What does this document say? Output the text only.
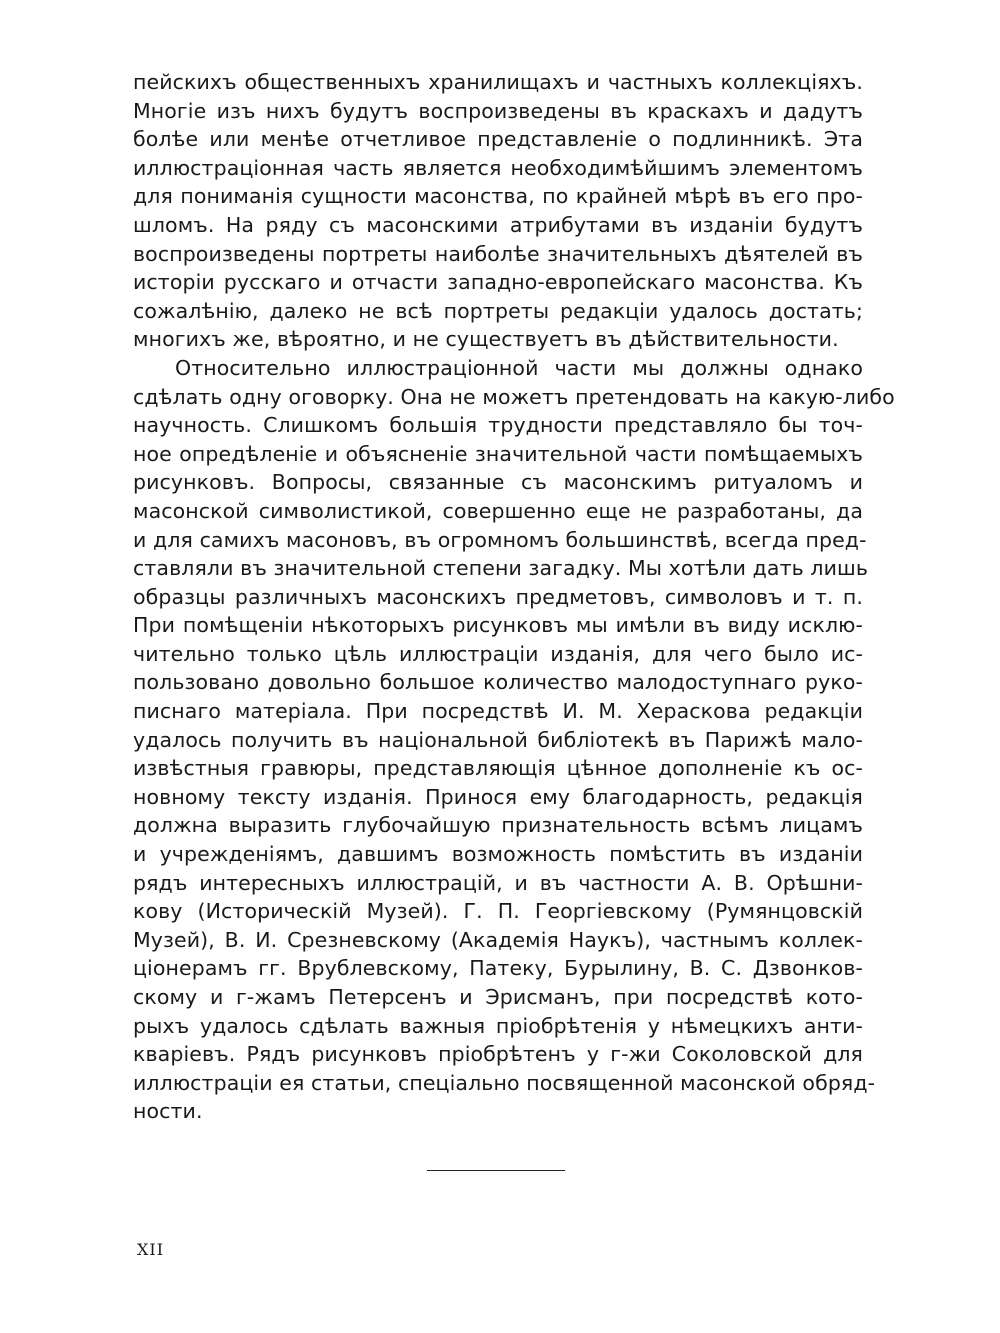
пейскихъ общественныхъ хранилищахъ и частныхъ коллекціяхъ.
Многіе изъ нихъ будутъ воспроизведены въ краскахъ и дадутъ
болѣе или менѣе отчетливое представленіе о подлинникѣ. Эта
иллюстраціонная часть является необходимѣйшимъ элементомъ
для пониманія сущности масонства, по крайней мѣрѣ въ его про-
шломъ. На ряду съ масонскими атрибутами въ изданіи будутъ
воспроизведены портреты наиболѣе значительныхъ дѣятелей въ
исторіи русскаго и отчасти западно-европейскаго масонства. Къ
сожалѣнію, далеко не всѣ портреты редакціи удалось достать;
многихъ же, вѣроятно, и не существуетъ въ дѣйствительности.
Относительно иллюстраціонной части мы должны однако
сдѣлать одну оговорку. Она не можетъ претендовать на какую-либо
научность. Слишкомъ большія трудности представляло бы точ-
ное опредѣленіе и объясненіе значительной части помѣщаемыхъ
рисунковъ. Вопросы, связанные съ масонскимъ ритуаломъ и
масонской символистикой, совершенно еще не разработаны, да
и для самихъ масоновъ, въ огромномъ большинствѣ, всегда пред-
ставляли въ значительной степени загадку. Мы хотѣли дать лишь
образцы различныхъ масонскихъ предметовъ, символовъ и т. п.
При помѣщеніи нѣкоторыхъ рисунковъ мы имѣли въ виду исклю-
чительно только цѣль иллюстраціи изданія, для чего было ис-
пользовано довольно большое количество малодоступнаго руко-
писнаго матеріала. При посредствѣ И. М. Хераскова редакціи
удалось получить въ національной библіотекѣ въ Парижѣ мало-
извѣстныя гравюры, представляющія цѣнное дополненіе къ ос-
новному тексту изданія. Принося ему благодарность, редакція
должна выразить глубочайшую признательность всѣмъ лицамъ
и учрежденіямъ, давшимъ возможность помѣстить въ изданіи
рядъ интересныхъ иллюстрацій, и въ частности А. В. Орѣшни-
кову (Историческій Музей). Г. П. Георгіевскому (Румянцовскій
Музей), В. И. Срезневскому (Академія Наукъ), частнымъ коллек-
ціонерамъ гг. Врублевскому, Патеку, Бурылину, В. С. Дзвонков-
скому и г-жамъ Петерсенъ и Эрисманъ, при посредствѣ кото-
рыхъ удалось сдѣлать важныя пріобрѣтенія у нѣмецкихъ анти-
кваріевъ. Рядъ рисунковъ пріобрѣтенъ у г-жи Соколовской для
иллюстраціи ея статьи, спеціально посвященной масонской обряд-
ности.
XII
